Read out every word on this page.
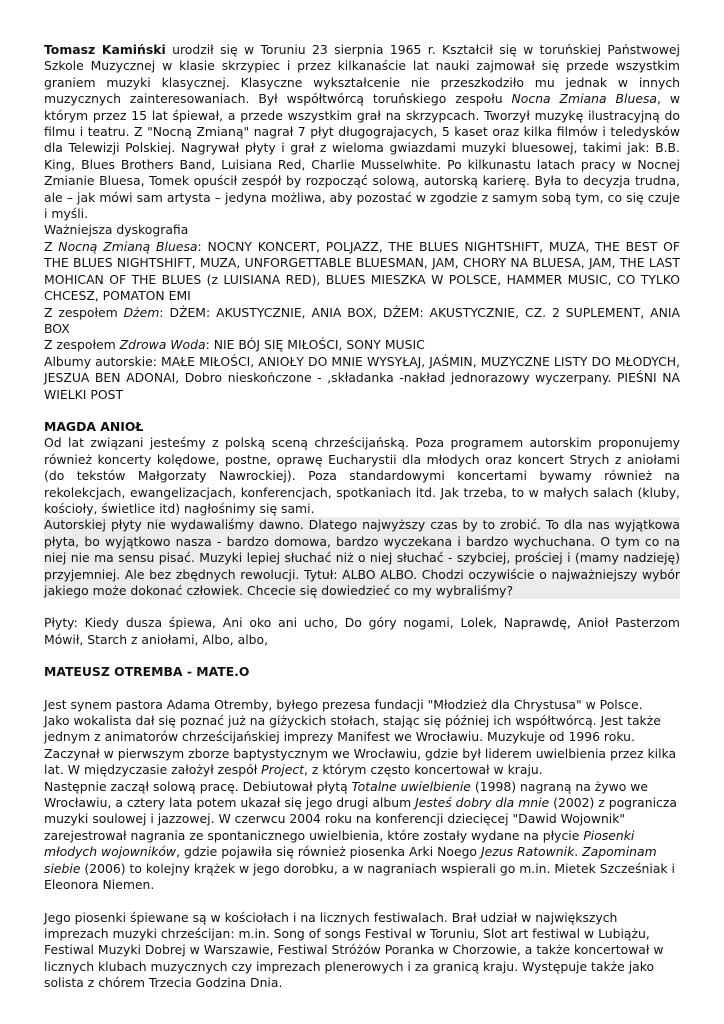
Tomasz Kamiński urodził się w Toruniu 23 sierpnia 1965 r. Kształcił się w toruńskiej Państwowej Szkole Muzycznej w klasie skrzypiec i przez kilkanaście lat nauki zajmował się przede wszystkim graniem muzyki klasycznej. Klasyczne wykształcenie nie przeszkodziło mu jednak w innych muzycznych zainteresowaniach. Był współtwórcą toruńskiego zespołu Nocna Zmiana Bluesa, w którym przez 15 lat śpiewał, a przede wszystkim grał na skrzypcach. Tworzył muzykę ilustracyjną do filmu i teatru. Z "Nocną Zmianą" nagrał 7 płyt długograjacych, 5 kaset oraz kilka filmów i teledysków dla Telewizji Polskiej. Nagrywał płyty i grał z wieloma gwiazdami muzyki bluesowej, takimi jak: B.B. King, Blues Brothers Band, Luisiana Red, Charlie Musselwhite. Po kilkunastu latach pracy w Nocnej Zmianie Bluesa, Tomek opuścił zespół by rozpocząć solową, autorską karierę. Była to decyzja trudna, ale – jak mówi sam artysta – jedyna możliwa, aby pozostać w zgodzie z samym sobą tym, co się czuje i myśli.

Ważniejsza dyskografia

Z Nocną Zmianą Bluesa: NOCNY KONCERT, POLJAZZ, THE BLUES NIGHTSHIFT, MUZA, THE BEST OF THE BLUES NIGHTSHIFT, MUZA, UNFORGETTABLE BLUESMAN, JAM, CHORY NA BLUESA, JAM, THE LAST MOHICAN OF THE BLUES (z LUISIANA RED), BLUES MIESZKA W POLSCE, HAMMER MUSIC, CO TYLKO CHCESZ, POMATON EMI

Z zespołem Dżem: DŻEM: AKUSTYCZNIE, ANIA BOX, DŻEM: AKUSTYCZNIE, CZ. 2 SUPLEMENT, ANIA BOX

Z zespołem Zdrowa Woda: NIE BÓJ SIĘ MIŁOŚCI, SONY MUSIC

Albumy autorskie: MAŁE MIŁOŚCI, ANIOŁY DO MNIE WYSYŁAJ, JAŚMIN, MUZYCZNE LISTY DO MŁODYCH, JESZUA BEN ADONAI, Dobro nieskończone - ,składanka -nakład jednorazowy wyczerpany. PIEŚNI NA WIELKI POST

MAGDA ANIOŁ

Od lat związani jesteśmy z polską sceną chrześcijańską. Poza programem autorskim proponujemy również koncerty kolędowe, postne, oprawę Eucharystii dla młodych oraz koncert Strych z aniołami (do tekstów Małgorzaty Nawrockiej). Poza standardowymi koncertami bywamy również na rekolekcjach, ewangelizacjach, konferencjach, spotkaniach itd. Jak trzeba, to w małych salach (kluby, kościoły, świetlice itd) nagłośnimy się sami.

Autorskiej płyty nie wydawaliśmy dawno. Dlatego najwyższy czas by to zrobić. To dla nas wyjątkowa płyta, bo wyjątkowo nasza - bardzo domowa, bardzo wyczekana i bardzo wychuchana. O tym co na niej nie ma sensu pisać. Muzyki lepiej słuchać niż o niej słuchać - szybciej, prościej i (mamy nadzieję) przyjemniej. Ale bez zbędnych rewolucji. Tytuł: ALBO ALBO. Chodzi oczywiście o najważniejszy wybór jakiego może dokonać człowiek. Chcecie się dowiedzieć co my wybraliśmy?

Płyty: Kiedy dusza śpiewa, Ani oko ani ucho, Do góry nogami, Lolek, Naprawdę, Anioł Pasterzom Mówił, Starch z aniołami, Albo, albo,

MATEUSZ OTREMBA - MATE.O

Jest synem pastora Adama Otremby, byłego prezesa fundacji "Młodzież dla Chrystusa" w Polsce.

Jako wokalista dał się poznać już na giżyckich stołach, stając się później ich współtwórcą. Jest także jednym z animatorów chrześcijańskiej imprezy Manifest we Wrocławiu. Muzykuje od 1996 roku. Zaczynał w pierwszym zborze baptystycznym we Wrocławiu, gdzie był liderem uwielbienia przez kilka lat. W międzyczasie założył zespół Project, z którym często koncertował w kraju.

Następnie zaczął solową pracę. Debiutował płytą Totalne uwielbienie (1998) nagraną na żywo we Wrocławiu, a cztery lata potem ukazał się jego drugi album Jesteś dobry dla mnie (2002) z pogranicza muzyki soulowej i jazzowej. W czerwcu 2004 roku na konferencji dziecięcej "Dawid Wojownik" zarejestrował nagrania ze spontanicznego uwielbienia, które zostały wydane na płycie Piosenki młodych wojowników, gdzie pojawiła się również piosenka Arki Noego Jezus Ratownik. Zapominam siebie (2006) to kolejny krążek w jego dorobku, a w nagraniach wspierali go m.in. Mietek Szcześniak i Eleonora Niemen.

Jego piosenki śpiewane są w kościołach i na licznych festiwalach. Brał udział w największych imprezach muzyki chrześcijan: m.in. Song of songs Festival w Toruniu, Slot art festiwal w Lubiążu, Festiwal Muzyki Dobrej w Warszawie, Festiwal Stróżów Poranka w Chorzowie, a także koncertował w licznych klubach muzycznych czy imprezach plenerowych i za granicą kraju. Występuje także jako solista z chórem Trzecia Godzina Dnia.
